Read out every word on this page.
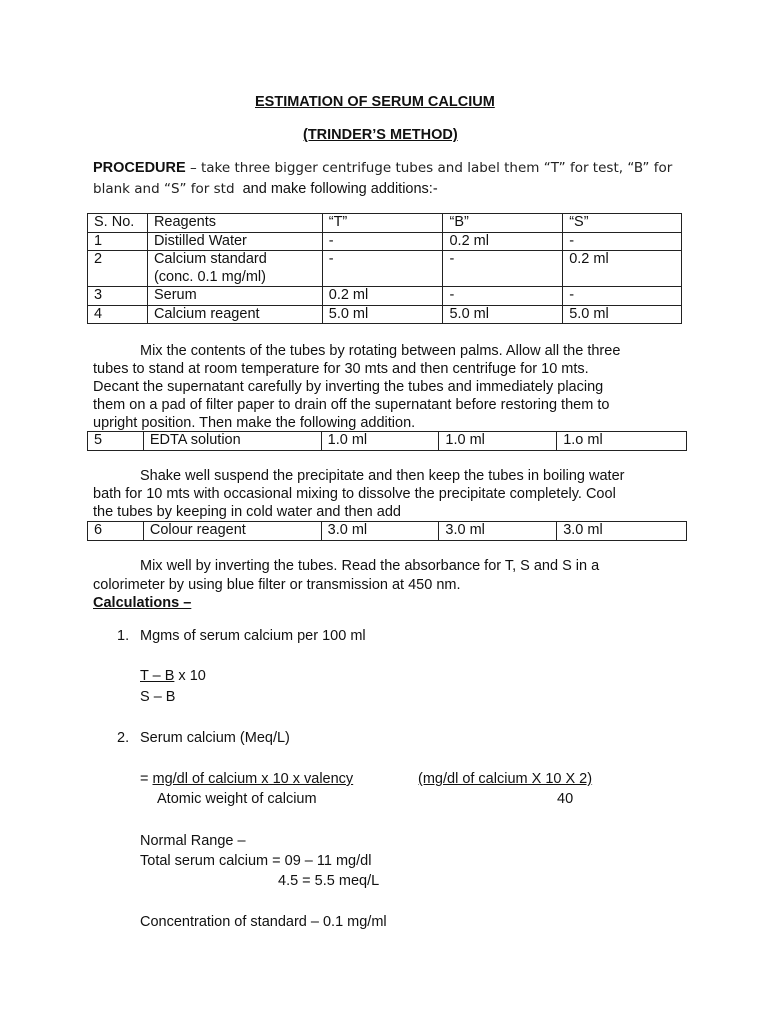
ESTIMATION OF SERUM CALCIUM
(TRINDER’S METHOD)
PROCEDURE – take three bigger centrifuge tubes and label them “T” for test, “B” for
blank and “S” for std and make following additions:-
S. No.	Reagents	“T”	“B”	“S”
1	Distilled Water	-	0.2 ml	-
2	Calcium standard
(conc. 0.1 mg/ml)	-	-	0.2 ml
3	Serum	0.2 ml	-	-
4	Calcium reagent	5.0 ml	5.0 ml	5.0 ml
Mix the contents of the tubes by rotating between palms. Allow all the three
tubes to stand at room temperature for 30 mts and then centrifuge for 10 mts.
Decant the supernatant carefully by inverting the tubes and immediately placing
them on a pad of filter paper to drain off the supernatant before restoring them to
upright position. Then make the following addition.
5	EDTA solution	1.0 ml	1.0 ml	1.o ml
Shake well suspend the precipitate and then keep the tubes in boiling water
bath for 10 mts with occasional mixing to dissolve the precipitate completely. Cool
the tubes by keeping in cold water and then add
6	Colour reagent	3.0 ml	3.0 ml	3.0 ml
Mix well by inverting the tubes. Read the absorbance for T, S and S in a
colorimeter by using blue filter or transmission at 450 nm.
Calculations –
1. Mgms of serum calcium per 100 ml
T – B x 10
S – B
2. Serum calcium (Meq/L)
= mg/dl of calcium x 10 x valency	(mg/dl of calcium X 10 X 2)
Atomic weight of calcium	40
Normal Range –
Total serum calcium = 09 – 11 mg/dl
4.5 = 5.5 meq/L
Concentration of standard – 0.1 mg/ml
